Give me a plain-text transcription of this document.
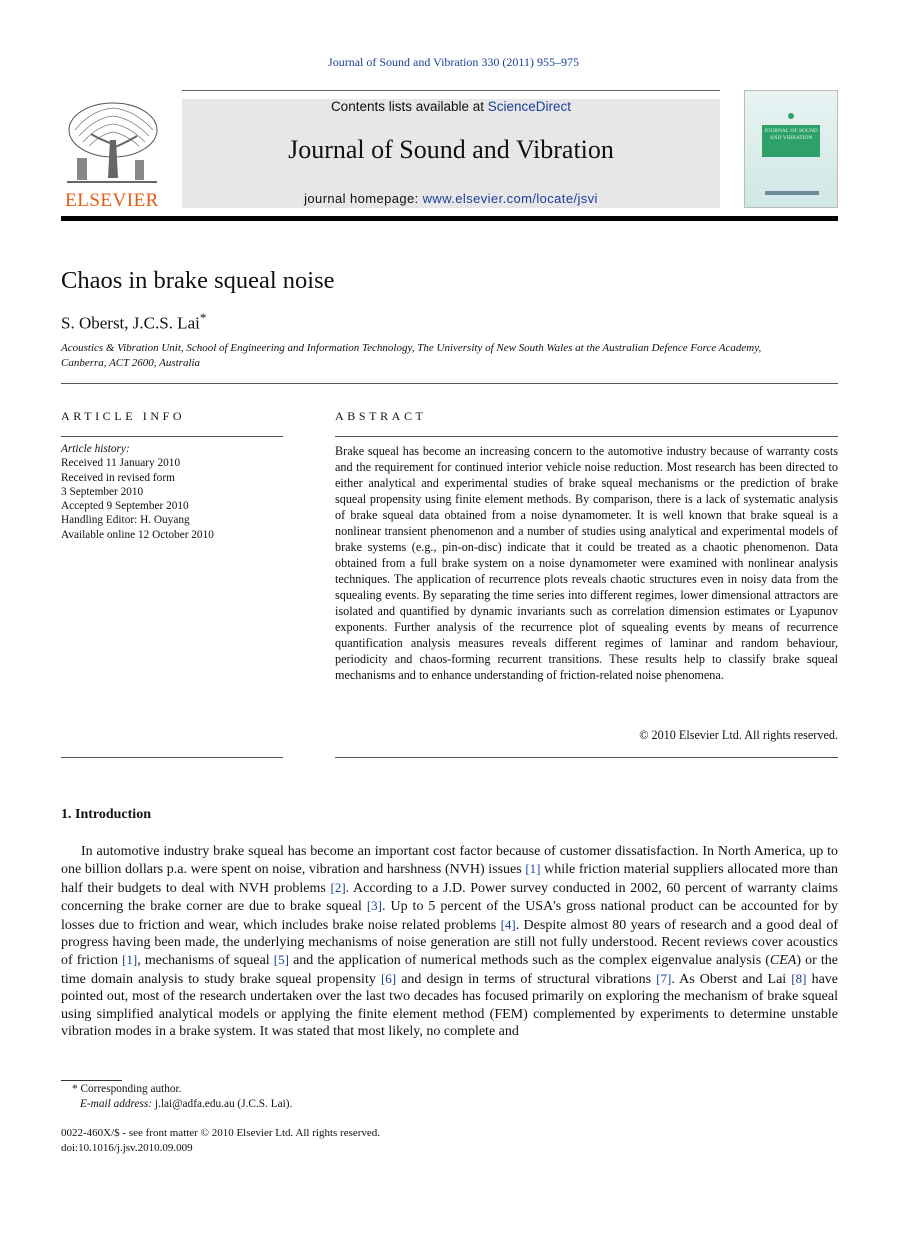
Journal of Sound and Vibration 330 (2011) 955–975
ELSEVIER
Contents lists available at ScienceDirect
Journal of Sound and Vibration
journal homepage: www.elsevier.com/locate/jsvi
JOURNAL OF SOUND AND VIBRATION
Chaos in brake squeal noise
S. Oberst, J.C.S. Lai*
Acoustics & Vibration Unit, School of Engineering and Information Technology, The University of New South Wales at the Australian Defence Force Academy,
Canberra, ACT 2600, Australia
ARTICLE INFO
Article history:
Received 11 January 2010
Received in revised form
3 September 2010
Accepted 9 September 2010
Handling Editor: H. Ouyang
Available online 12 October 2010
ABSTRACT
Brake squeal has become an increasing concern to the automotive industry because of warranty costs and the requirement for continued interior vehicle noise reduction. Most research has been directed to either analytical and experimental studies of brake squeal mechanisms or the prediction of brake squeal propensity using finite element methods. By comparison, there is a lack of systematic analysis of brake squeal data obtained from a noise dynamometer. It is well known that brake squeal is a nonlinear transient phenomenon and a number of studies using analytical and experimental models of brake systems (e.g., pin-on-disc) indicate that it could be treated as a chaotic phenomenon. Data obtained from a full brake system on a noise dynamometer were examined with nonlinear analysis techniques. The application of recurrence plots reveals chaotic structures even in noisy data from the squealing events. By separating the time series into different regimes, lower dimensional attractors are isolated and quantified by dynamic invariants such as correlation dimension estimates or Lyapunov exponents. Further analysis of the recurrence plot of squealing events by means of recurrence quantification analysis measures reveals different regimes of laminar and random behaviour, periodicity and chaos-forming recurrent transitions. These results help to classify brake squeal mechanisms and to enhance understanding of friction-related noise phenomena.
© 2010 Elsevier Ltd. All rights reserved.
1. Introduction
In automotive industry brake squeal has become an important cost factor because of customer dissatisfaction. In North America, up to one billion dollars p.a. were spent on noise, vibration and harshness (NVH) issues [1] while friction material suppliers allocated more than half their budgets to deal with NVH problems [2]. According to a J.D. Power survey conducted in 2002, 60 percent of warranty claims concerning the brake corner are due to brake squeal [3]. Up to 5 percent of the USA's gross national product can be accounted for by losses due to friction and wear, which includes brake noise related problems [4]. Despite almost 80 years of research and a good deal of progress having been made, the underlying mechanisms of noise generation are still not fully understood. Recent reviews cover acoustics of friction [1], mechanisms of squeal [5] and the application of numerical methods such as the complex eigenvalue analysis (CEA) or the time domain analysis to study brake squeal propensity [6] and design in terms of structural vibrations [7]. As Oberst and Lai [8] have pointed out, most of the research undertaken over the last two decades has focused primarily on exploring the mechanism of brake squeal using simplified analytical models or applying the finite element method (FEM) complemented by experiments to determine unstable vibration modes in a brake system. It was stated that most likely, no complete and
* Corresponding author.
E-mail address: j.lai@adfa.edu.au (J.C.S. Lai).
0022-460X/$ - see front matter © 2010 Elsevier Ltd. All rights reserved.
doi:10.1016/j.jsv.2010.09.009
